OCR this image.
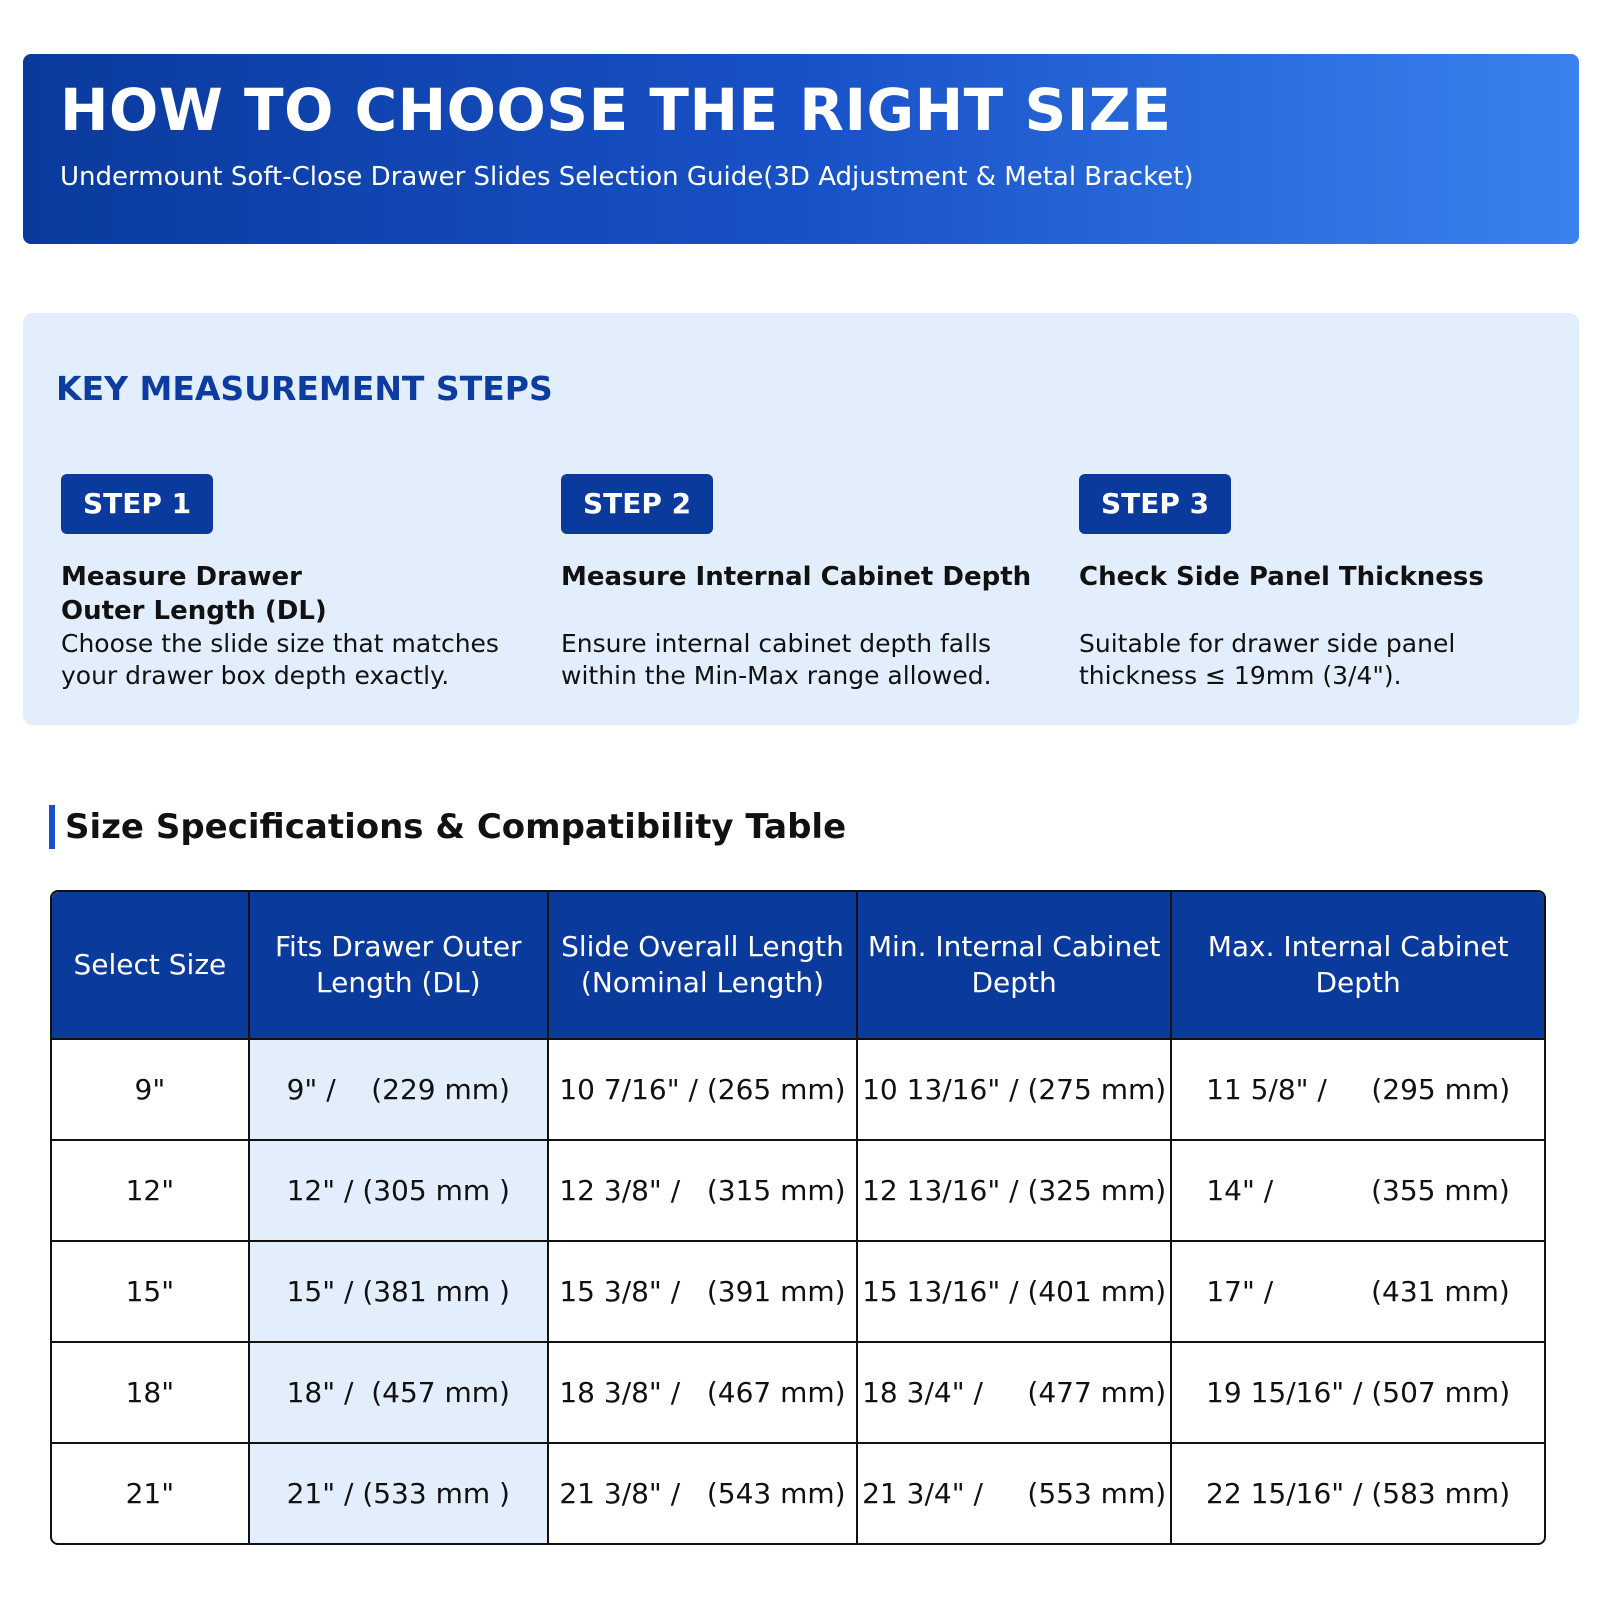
HOW TO CHOOSE THE RIGHT SIZE
Undermount Soft-Close Drawer Slides Selection Guide(3D Adjustment & Metal Bracket)
KEY MEASUREMENT STEPS
STEP 1
Measure Drawer Outer Length (DL)
Choose the slide size that matches your drawer box depth exactly.
STEP 2
Measure Internal Cabinet Depth
Ensure internal cabinet depth falls within the Min-Max range allowed.
STEP 3
Check Side Panel Thickness
Suitable for drawer side panel thickness ≤ 19mm (3/4").
Size Specifications & Compatibility Table
Select Size	Fits Drawer Outer Length (DL)	Slide Overall Length (Nominal Length)	Min. Internal Cabinet Depth	Max. Internal Cabinet Depth
9"	9" /    (229 mm)	10 7/16" / (265 mm)	10 13/16" / (275 mm)	11 5/8" /     (295 mm)
12"	12" / (305 mm )	12 3/8" /   (315 mm)	12 13/16" / (325 mm)	14" /           (355 mm)
15"	15" / (381 mm )	15 3/8" /   (391 mm)	15 13/16" / (401 mm)	17" /           (431 mm)
18"	18" /  (457 mm)	18 3/8" /   (467 mm)	18 3/4" /     (477 mm)	19 15/16" / (507 mm)
21"	21" / (533 mm )	21 3/8" /   (543 mm)	21 3/4" /     (553 mm)	22 15/16" / (583 mm)
